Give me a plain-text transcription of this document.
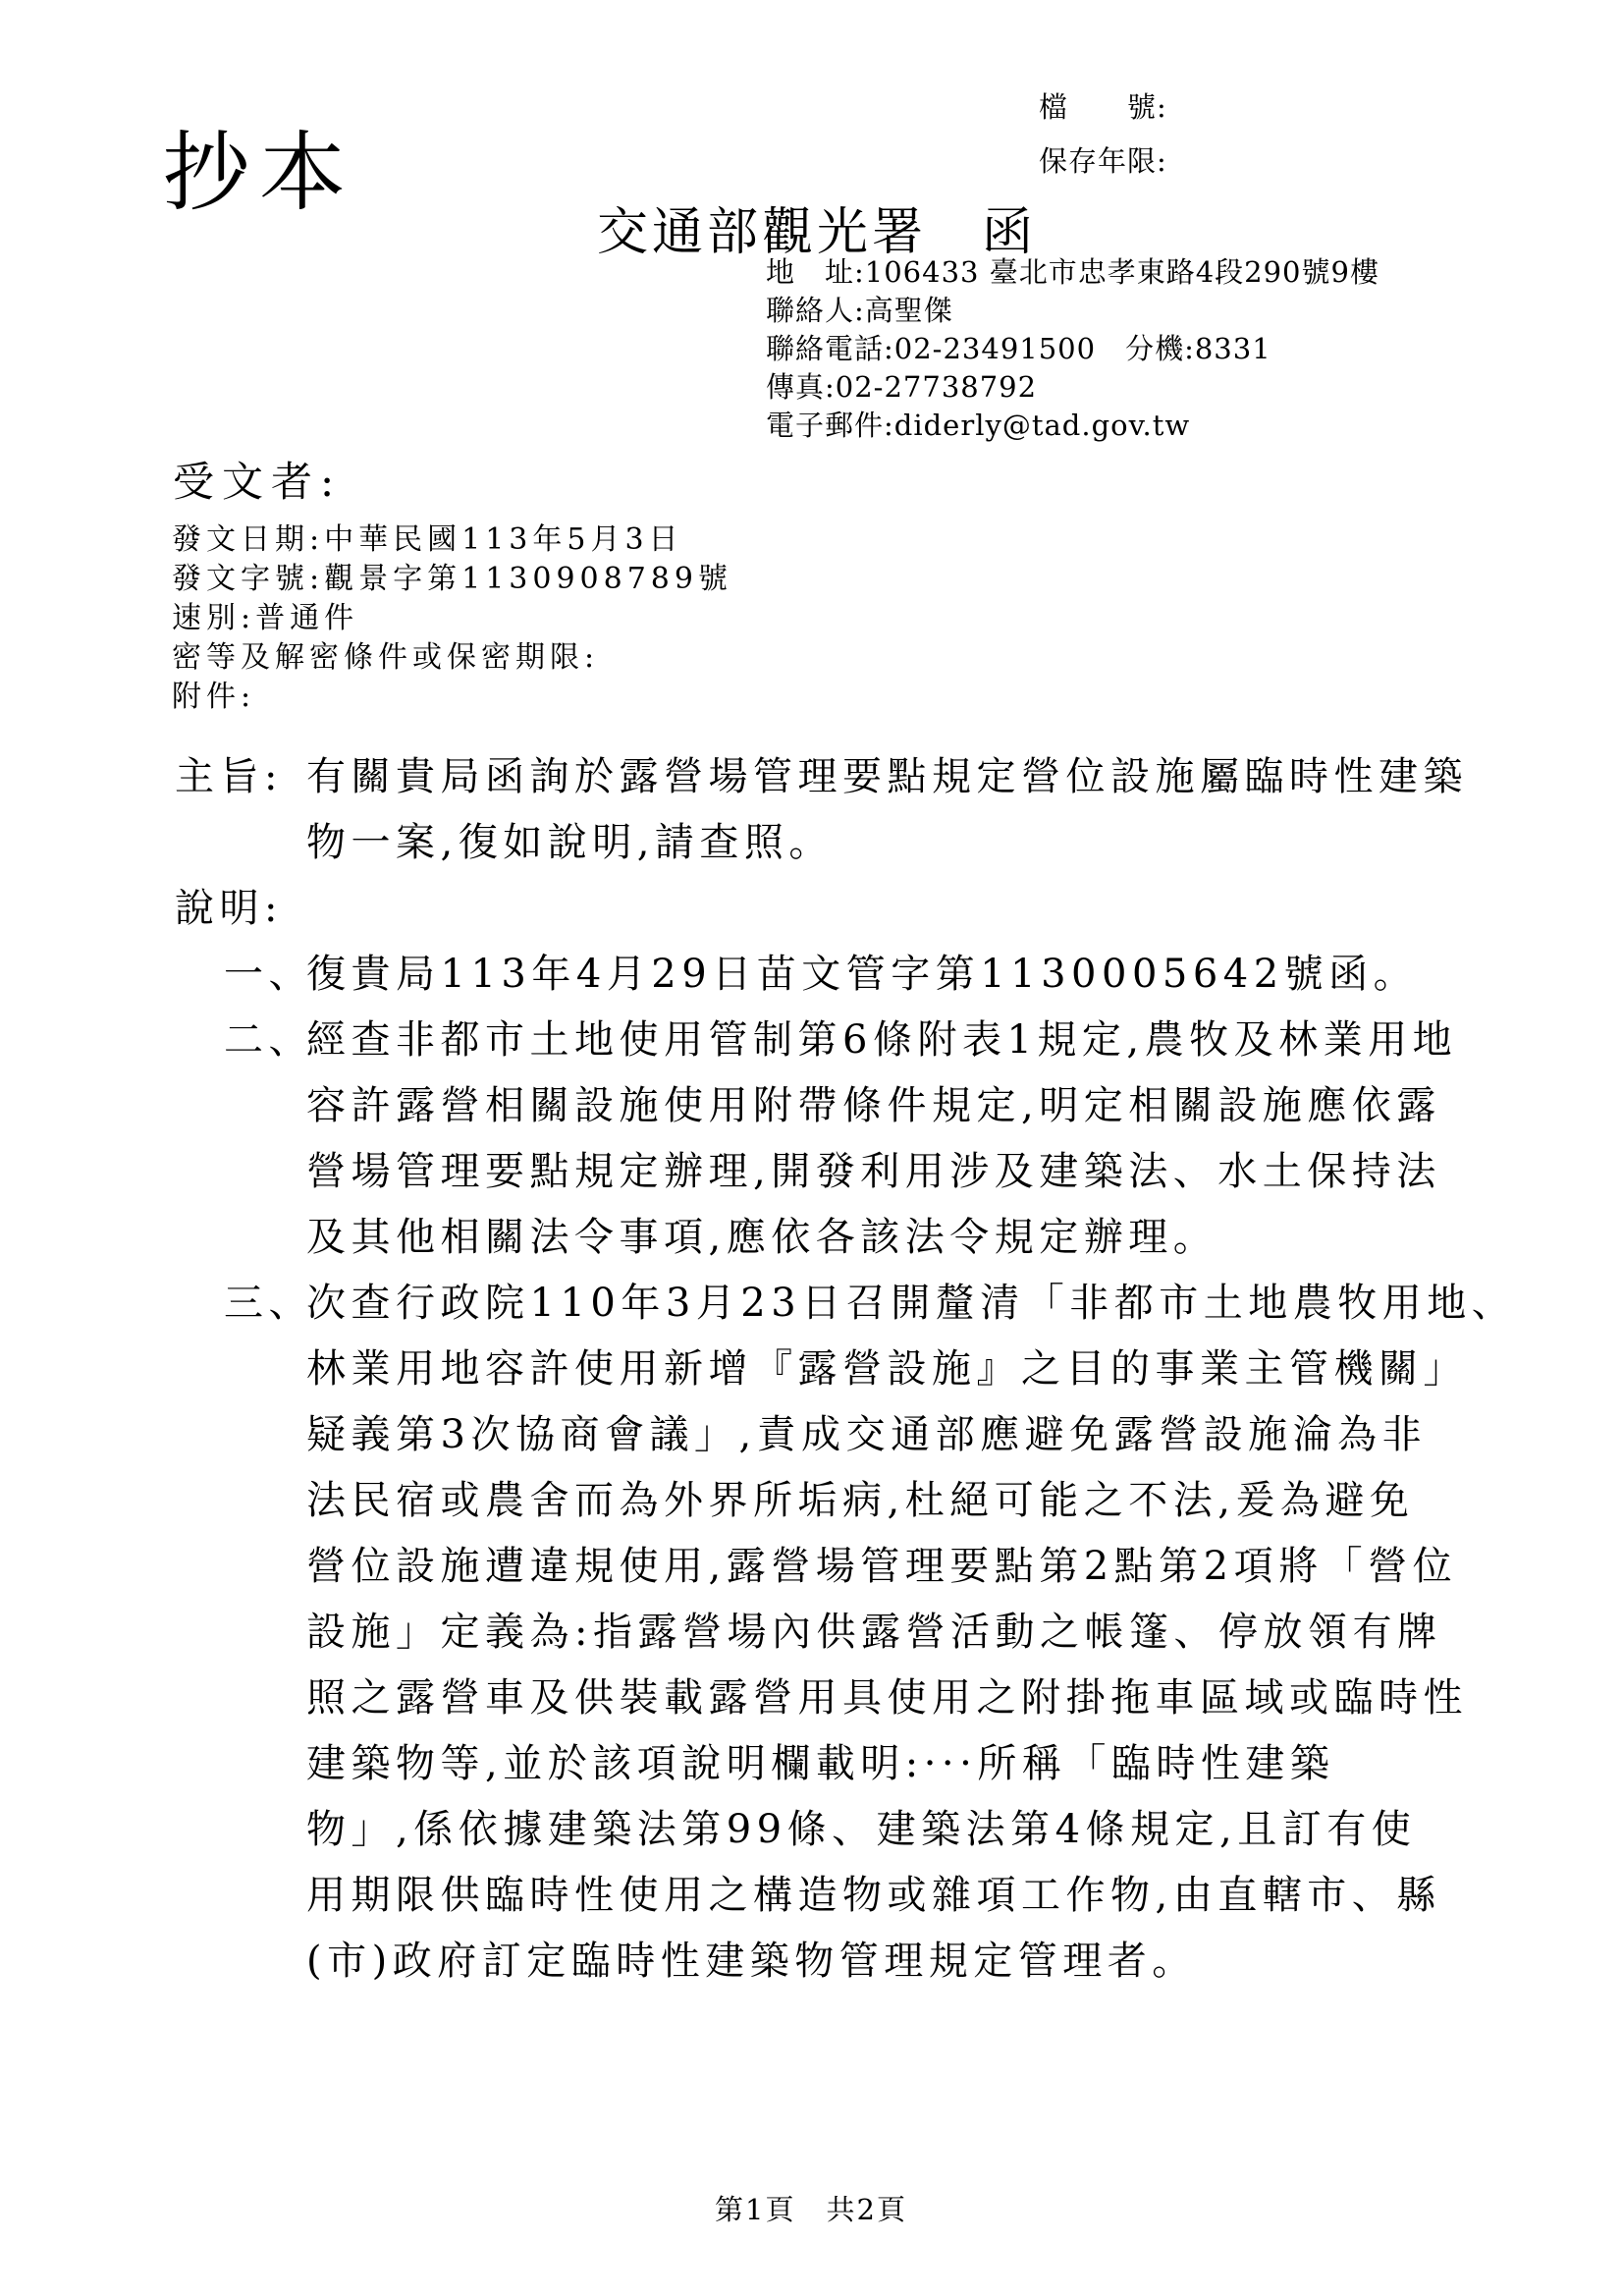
抄本
檔　　號:
保存年限:
交通部觀光署　函
地　址:106433 臺北市忠孝東路4段290號9樓
聯絡人:高聖傑
聯絡電話:02-23491500　分機:8331
傳真:02-27738792
電子郵件:diderly@tad.gov.tw
受文者:
發文日期:中華民國113年5月3日
發文字號:觀景字第1130908789號
速別:普通件
密等及解密條件或保密期限:
附件:
主旨: 有關貴局函詢於露營場管理要點規定營位設施屬臨時性建築
物一案,復如說明,請查照。
說明:
一、復貴局113年4月29日苗文管字第1130005642號函。
二、經查非都市土地使用管制第6條附表1規定,農牧及林業用地
容許露營相關設施使用附帶條件規定,明定相關設施應依露
營場管理要點規定辦理,開發利用涉及建築法、水土保持法
及其他相關法令事項,應依各該法令規定辦理。
三、次查行政院110年3月23日召開釐清「非都市土地農牧用地、
林業用地容許使用新增『露營設施』之目的事業主管機關」
疑義第3次協商會議」,責成交通部應避免露營設施淪為非
法民宿或農舍而為外界所垢病,杜絕可能之不法,爰為避免
營位設施遭違規使用,露營場管理要點第2點第2項將「營位
設施」定義為:指露營場內供露營活動之帳篷、停放領有牌
照之露營車及供裝載露營用具使用之附掛拖車區域或臨時性
建築物等,並於該項說明欄載明:···所稱「臨時性建築
物」,係依據建築法第99條、建築法第4條規定,且訂有使
用期限供臨時性使用之構造物或雜項工作物,由直轄市、縣
(市)政府訂定臨時性建築物管理規定管理者。
第1頁　共2頁
